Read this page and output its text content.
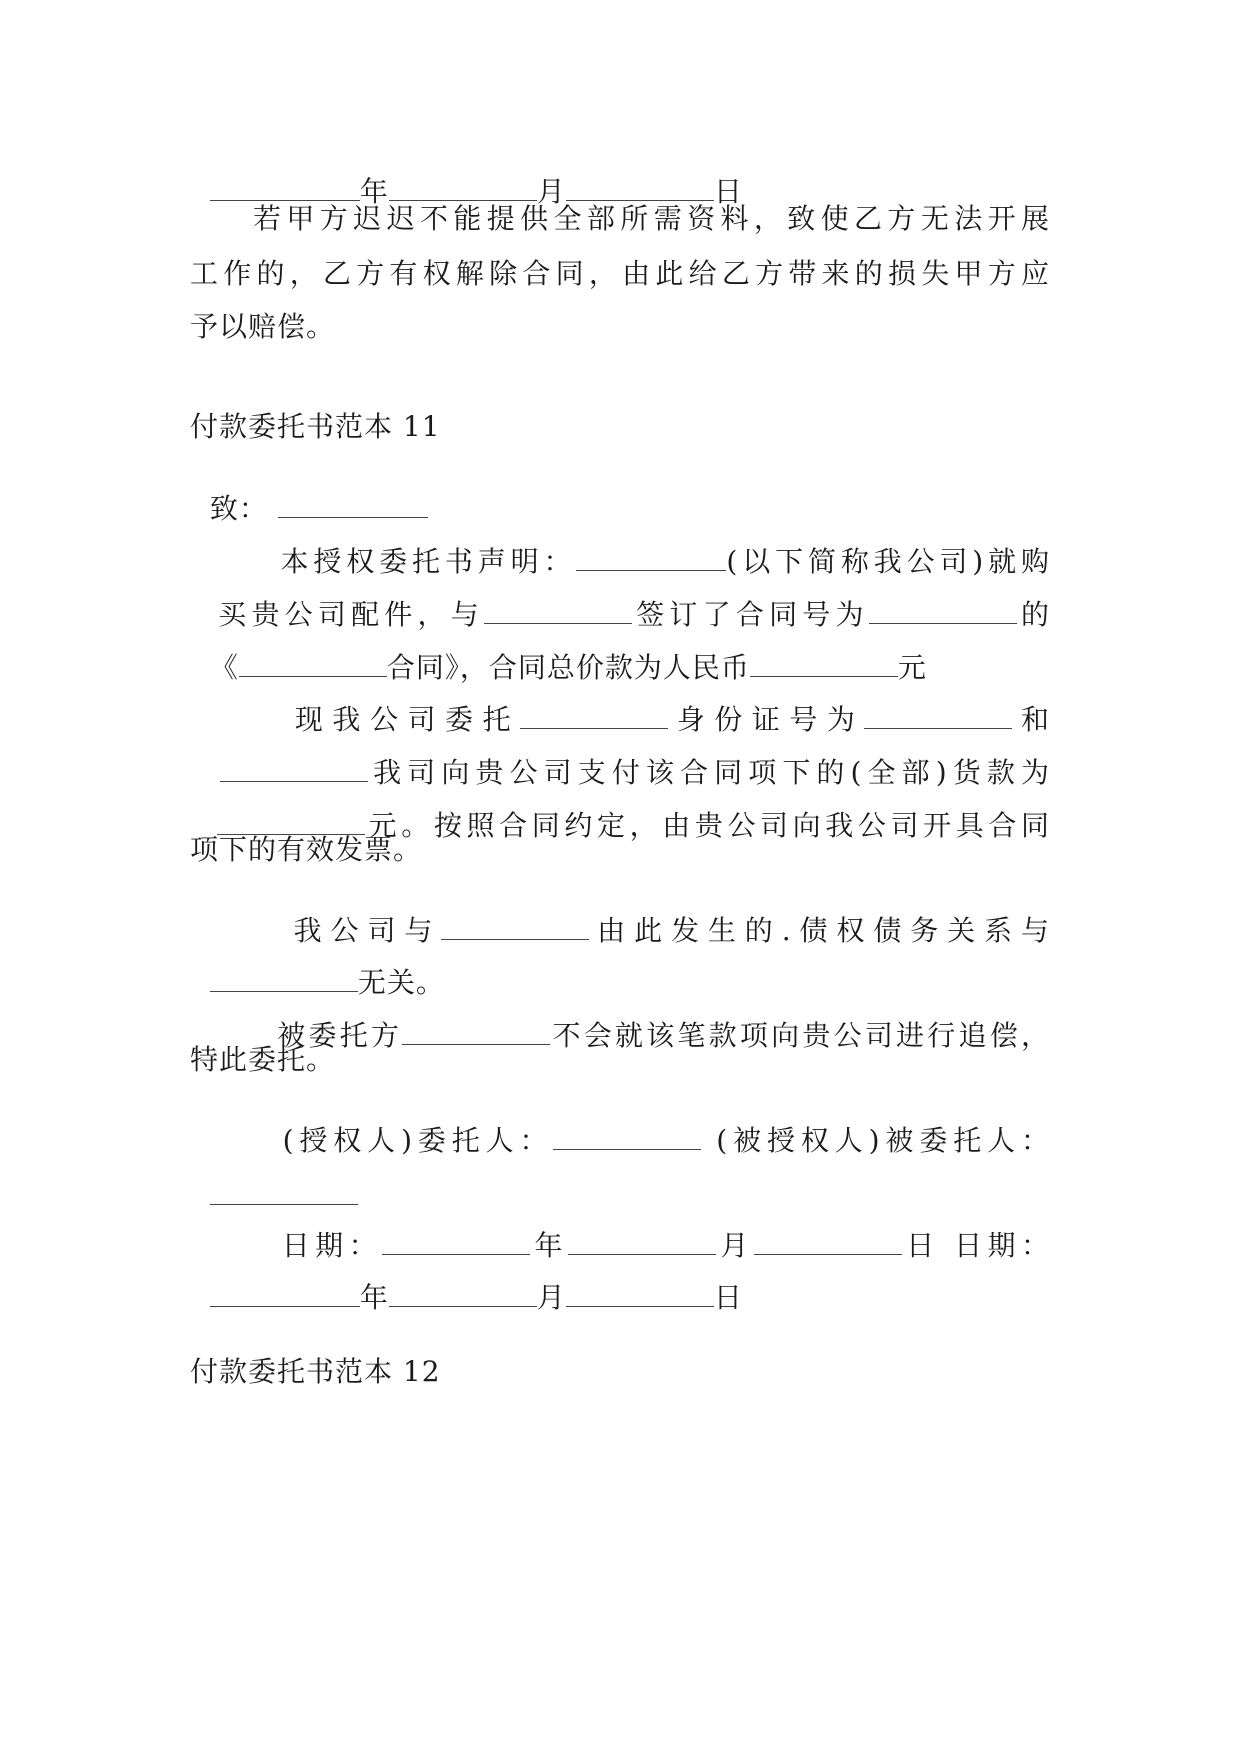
年	月	日

若甲方迟迟不能提供全部所需资料，致使乙方无法开展
工作的，乙方有权解除合同，由此给乙方带来的损失甲方应
予以赔偿。
付款委托书范本 11

致：

本授权委托书声明：	(以下简称我公司)就购

买贵公司配件，与	签订了合同号为	的

《	合同》，合同总价款为人民币	元

现我公司委托	身份证号为	和

我司向贵公司支付该合同项下的(全部)货款为

元。按照合同约定，由贵公司向我公司开具合同

项下的有效发票。

我公司与	由此发生的.债权债务关系与

无关。

被委托方	不会就该笔款项向贵公司进行追偿，

特此委托。

(授权人)委托人：	(被授权人)被委托人：

日期：	年	月	日 日期：

年	月	日

付款委托书范本 12
